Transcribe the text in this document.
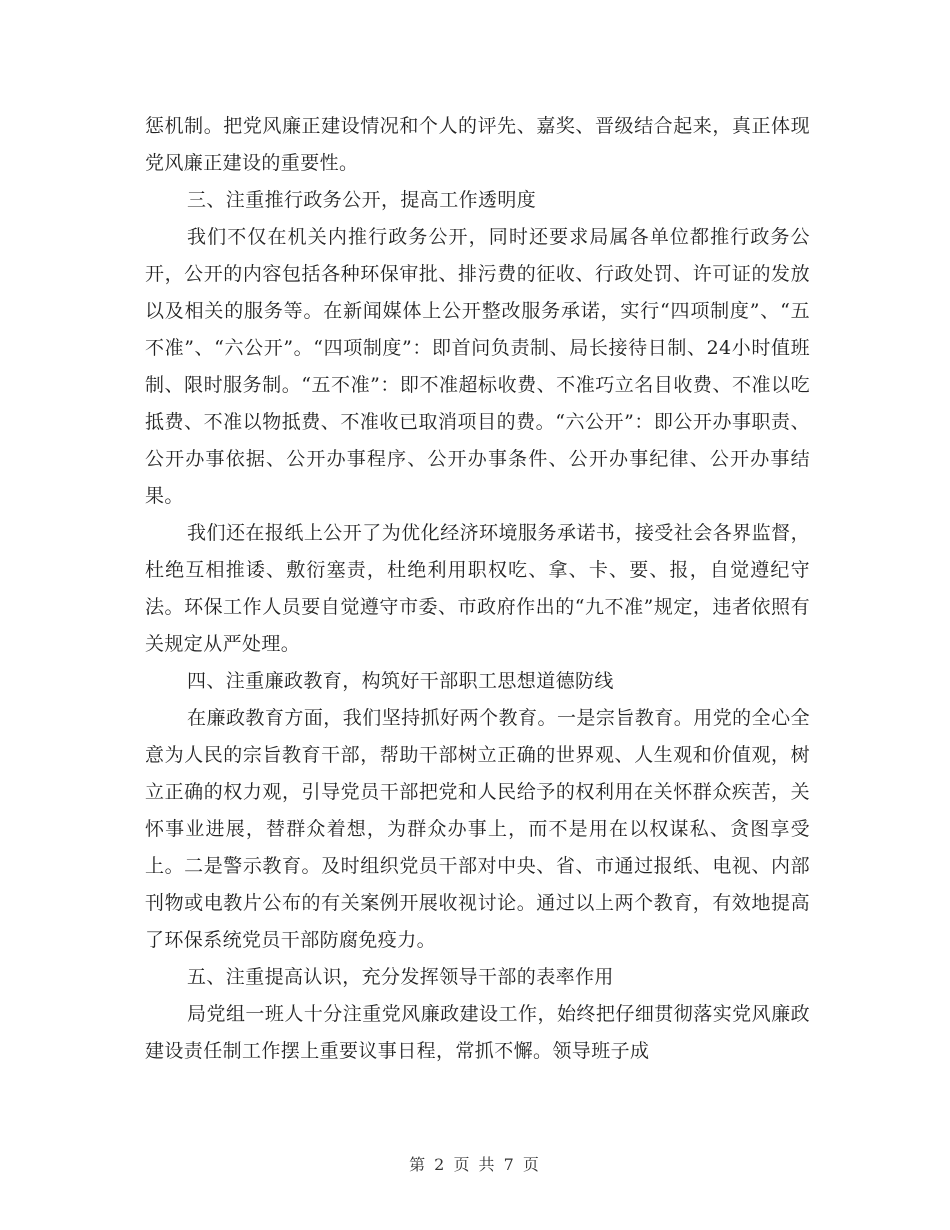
惩机制。把党风廉正建设情况和个人的评先、嘉奖、晋级结合起来，真正体现党风廉正建设的重要性。

三、注重推行政务公开，提高工作透明度

我们不仅在机关内推行政务公开，同时还要求局属各单位都推行政务公开，公开的内容包括各种环保审批、排污费的征收、行政处罚、许可证的发放以及相关的服务等。在新闻媒体上公开整改服务承诺，实行“四项制度”、“五不准”、“六公开”。“四项制度”：即首问负责制、局长接待日制、24小时值班制、限时服务制。“五不准”：即不准超标收费、不准巧立名目收费、不准以吃抵费、不准以物抵费、不准收已取消项目的费。“六公开”：即公开办事职责、公开办事依据、公开办事程序、公开办事条件、公开办事纪律、公开办事结果。

我们还在报纸上公开了为优化经济环境服务承诺书，接受社会各界监督，杜绝互相推诿、敷衍塞责，杜绝利用职权吃、拿、卡、要、报，自觉遵纪守法。环保工作人员要自觉遵守市委、市政府作出的“九不准”规定，违者依照有关规定从严处理。

四、注重廉政教育，构筑好干部职工思想道德防线

在廉政教育方面，我们坚持抓好两个教育。一是宗旨教育。用党的全心全意为人民的宗旨教育干部，帮助干部树立正确的世界观、人生观和价值观，树立正确的权力观，引导党员干部把党和人民给予的权利用在关怀群众疾苦，关怀事业进展，替群众着想，为群众办事上，而不是用在以权谋私、贪图享受上。二是警示教育。及时组织党员干部对中央、省、市通过报纸、电视、内部刊物或电教片公布的有关案例开展收视讨论。通过以上两个教育，有效地提高了环保系统党员干部防腐免疫力。

五、注重提高认识，充分发挥领导干部的表率作用

局党组一班人十分注重党风廉政建设工作，始终把仔细贯彻落实党风廉政建设责任制工作摆上重要议事日程，常抓不懈。领导班子成

第 2 页 共 7 页
